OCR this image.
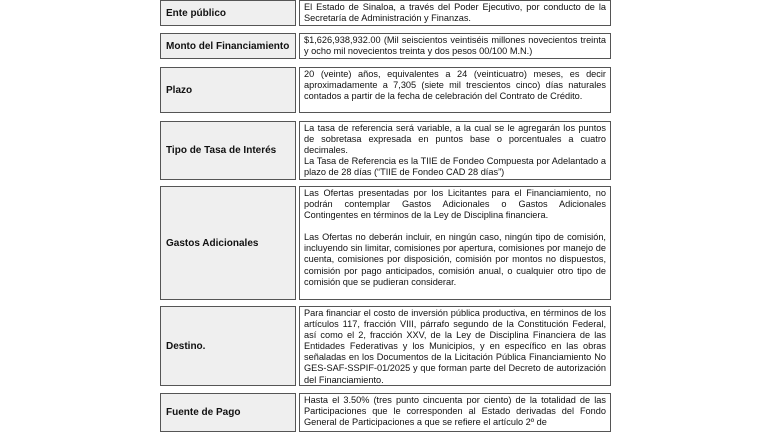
Ente público

El Estado de Sinaloa, a través del Poder Ejecutivo, por conducto de la Secretaría de Administración y Finanzas.

Monto del Financiamiento

$1,626,938,932.00 (Mil seiscientos veintiséis millones novecientos treinta y ocho mil novecientos treinta y dos pesos 00/100 M.N.)

Plazo

20 (veinte) años, equivalentes a 24 (veinticuatro) meses, es decir aproximadamente a 7,305 (siete mil trescientos cinco) días naturales contados a partir de la fecha de celebración del Contrato de Crédito.

Tipo de Tasa de Interés

La tasa de referencia será variable, a la cual se le agregarán los puntos de sobretasa expresada en puntos base o porcentuales a cuatro decimales.

La Tasa de Referencia es la TIIE de Fondeo Compuesta por Adelantado a plazo de 28 días (“TIIE de Fondeo CAD 28 días”)

Gastos Adicionales

Las Ofertas presentadas por los Licitantes para el Financiamiento, no podrán contemplar Gastos Adicionales o Gastos Adicionales Contingentes en términos de la Ley de Disciplina financiera.

Las Ofertas no deberán incluir, en ningún caso, ningún tipo de comisión, incluyendo sin limitar, comisiones por apertura, comisiones por manejo de cuenta, comisiones por disposición, comisión por montos no dispuestos, comisión por pago anticipados, comisión anual, o cualquier otro tipo de comisión que se pudieran considerar.

Destino.

Para financiar el costo de inversión pública productiva, en términos de los artículos 117, fracción VIII, párrafo segundo de la Constitución Federal, así como el 2, fracción XXV, de la Ley de Disciplina Financiera de las Entidades Federativas y los Municipios, y en específico en las obras señaladas en los Documentos de la Licitación Pública Financiamiento No GES-SAF-SSPIF-01/2025 y que forman parte del Decreto de autorización del Financiamiento.

Fuente de Pago

Hasta el 3.50% (tres punto cincuenta por ciento) de la totalidad de las Participaciones que le corresponden al Estado derivadas del Fondo General de Participaciones a que se refiere el artículo 2º de
